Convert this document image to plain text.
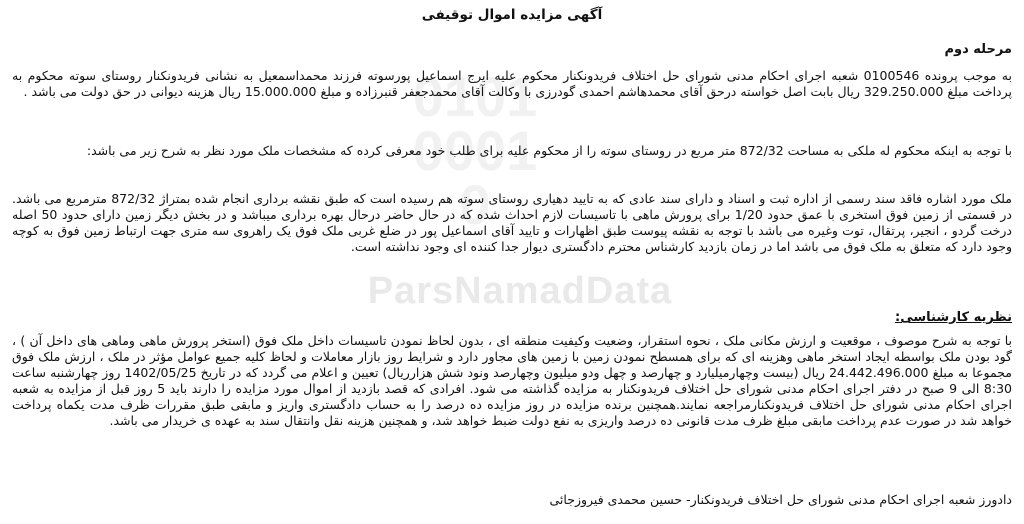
0101 0001 0
ParsNamadData
آگهی مزایده اموال توقیفی
مرحله دوم
به موجب پرونده 0100546 شعبه اجرای احکام مدنی شورای حل اختلاف فریدونکنار محکوم علیه ایرج اسماعیل پورسوته فرزند محمداسمعیل به نشانی فریدونکنار روستای سوته محکوم به پرداخت مبلغ 329.250.000 ریال بابت اصل خواسته درحق آقای محمدهاشم احمدی گودرزی با وکالت آقای محمدجعفر قنبرزاده و مبلغ 15.000.000 ریال هزینه دیوانی در حق دولت می باشد .
با توجه به اینکه محکوم له ملکی به مساحت 872/32 متر مربع در روستای سوته را از محکوم علیه برای طلب خود معرفی کرده که مشخصات ملک مورد نظر به شرح زیر می باشد:
ملک مورد اشاره فاقد سند رسمی از اداره ثبت و اسناد و دارای سند عادی که به تایید دهیاری روستای سوته هم رسیده است که طبق نقشه برداری انجام شده بمتراژ 872/32 مترمربع می باشد. در قسمتی از زمین فوق استخری با عمق حدود 1/20 برای پرورش ماهی با تاسیسات لازم احداث شده که در حال حاضر درحال بهره برداری میباشد و در بخش دیگر زمین دارای حدود 50 اصله درخت گردو ، انجیر، پرتقال، توت وغیره می باشد با توجه به نقشه پیوست طبق اظهارات و تایید آقای اسماعیل پور در ضلع غربی ملک فوق یک راهروی سه متری جهت ارتباط زمین فوق به کوچه وجود دارد که متعلق به ملک فوق می باشد اما در زمان بازدید کارشناس محترم دادگستری دیوار جدا کننده ای وجود نداشته است.
نظریه کارشناسی:
با توجه به شرح موصوف ، موقعیت و ارزش مکانی ملک ، نحوه استقرار، وضعیت وکیفیت منطقه ای ، بدون لحاظ نمودن تاسیسات داخل ملک فوق (استخر پرورش ماهی وماهی های داخل آن ) ، گود بودن ملک بواسطه ایجاد استخر ماهی وهزینه ای که برای همسطح نمودن زمین با زمین های مجاور دارد و شرایط روز بازار معاملات و لحاظ کلیه جمیع عوامل مؤثر در ملک ، ارزش ملک فوق مجموعا به مبلغ 24.442.496.000 ریال (بیست وچهارمیلیارد و چهارصد و چهل ودو میلیون وچهارصد ونود شش هزارریال) تعیین و اعلام می گردد که در تاریخ 1402/05/25 روز چهارشنبه ساعت 8:30 الی 9 صبح در دفتر اجرای احکام مدنی شورای حل اختلاف فریدونکنار به مزایده گذاشته می شود. افرادی که قصد بازدید از اموال مورد مزایده را دارند باید 5 روز قبل از مزایده به شعبه اجرای احکام مدنی شورای حل اختلاف فریدونکنارمراجعه نمایند.همچنین برنده مزایده در روز مزایده ده درصد را به حساب دادگستری واریز و مابقی طبق مقررات ظرف مدت یکماه پرداخت خواهد شد در صورت عدم پرداخت مابقی مبلغ ظرف مدت قانونی ده درصد واریزی به نفع دولت ضبط خواهد شد، و همچنین هزینه نقل وانتقال سند به عهده ی خریدار می باشد.
دادورز شعبه اجرای احکام مدنی شورای حل اختلاف فریدونکنار- حسین محمدی فیروزجائی
